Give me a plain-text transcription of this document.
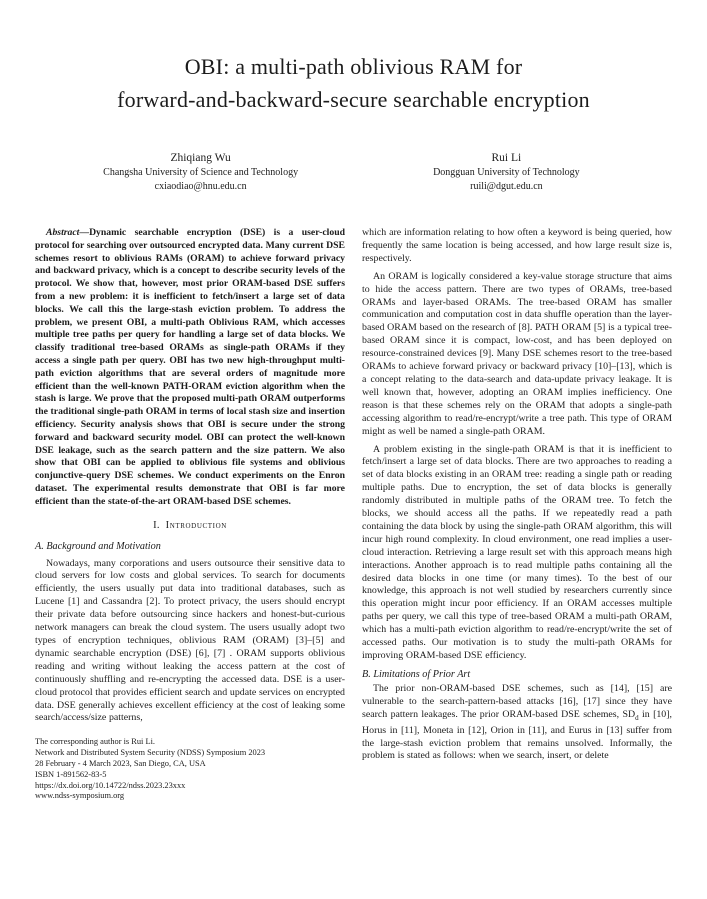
OBI: a multi-path oblivious RAM for
forward-and-backward-secure searchable encryption
Zhiqiang Wu
Changsha University of Science and Technology
cxiaodiao@hnu.edu.cn
Rui Li
Dongguan University of Technology
ruili@dgut.edu.cn

Abstract—Dynamic searchable encryption (DSE) is a user-cloud protocol for searching over outsourced encrypted data. Many current DSE schemes resort to oblivious RAMs (ORAM) to achieve forward privacy and backward privacy, which is a concept to describe security levels of the protocol. We show that, however, most prior ORAM-based DSE suffers from a new problem: it is inefficient to fetch/insert a large set of data blocks. We call this the large-stash eviction problem. To address the problem, we present OBI, a multi-path Oblivious RAM, which accesses multiple tree paths per query for handling a large set of data blocks. We classify traditional tree-based ORAMs as single-path ORAMs if they access a single path per query. OBI has two new high-throughput multi-path eviction algorithms that are several orders of magnitude more efficient than the well-known PATH-ORAM eviction algorithm when the stash is large. We prove that the proposed multi-path ORAM outperforms the traditional single-path ORAM in terms of local stash size and insertion efficiency. Security analysis shows that OBI is secure under the strong forward and backward security model. OBI can protect the well-known DSE leakage, such as the search pattern and the size pattern. We also show that OBI can be applied to oblivious file systems and oblivious conjunctive-query DSE schemes. We conduct experiments on the Enron dataset. The experimental results demonstrate that OBI is far more efficient than the state-of-the-art ORAM-based DSE schemes.

I. Introduction
A. Background and Motivation

Nowadays, many corporations and users outsource their sensitive data to cloud servers for low costs and global services. To search for documents efficiently, the users usually put data into traditional databases, such as Lucene [1] and Cassandra [2]. To protect privacy, the users should encrypt their private data before outsourcing since hackers and honest-but-curious network managers can break the cloud system. The users usually adopt two types of encryption techniques, oblivious RAM (ORAM) [3]–[5] and dynamic searchable encryption (DSE) [6], [7] . ORAM supports oblivious reading and writing without leaking the access pattern at the cost of continuously shuffling and re-encrypting the accessed data. DSE is a user-cloud protocol that provides efficient search and update services on encrypted data. DSE generally achieves excellent efficiency at the cost of leaking some search/access/size patterns,

The corresponding author is Rui Li.
Network and Distributed System Security (NDSS) Symposium 2023
28 February - 4 March 2023, San Diego, CA, USA
ISBN 1-891562-83-5
https://dx.doi.org/10.14722/ndss.2023.23xxx
www.ndss-symposium.org

which are information relating to how often a keyword is being queried, how frequently the same location is being accessed, and how large result size is, respectively.

An ORAM is logically considered a key-value storage structure that aims to hide the access pattern. There are two types of ORAMs, tree-based ORAMs and layer-based ORAMs. The tree-based ORAM has smaller communication and computation cost in data shuffle operation than the layer-based ORAM based on the research of [8]. PATH ORAM [5] is a typical tree-based ORAM since it is compact, low-cost, and has been deployed on resource-constrained devices [9]. Many DSE schemes resort to the tree-based ORAMs to achieve forward privacy or backward privacy [10]–[13], which is a concept relating to the data-search and data-update privacy leakage. It is well known that, however, adopting an ORAM implies inefficiency. One reason is that these schemes rely on the ORAM that adopts a single-path accessing algorithm to read/re-encrypt/write a tree path. This type of ORAM might as well be named a single-path ORAM.

A problem existing in the single-path ORAM is that it is inefficient to fetch/insert a large set of data blocks. There are two approaches to reading a set of data blocks existing in an ORAM tree: reading a single path or reading multiple paths. Due to encryption, the set of data blocks is generally randomly distributed in multiple paths of the ORAM tree. To fetch the blocks, we should access all the paths. If we repeatedly read a path containing the data block by using the single-path ORAM algorithm, this will incur high round complexity. In cloud environment, one read implies a user-cloud interaction. Retrieving a large result set with this approach means high interactions. Another approach is to read multiple paths containing all the desired data blocks in one time (or many times). To the best of our knowledge, this approach is not well studied by researchers currently since this operation might incur poor efficiency. If an ORAM accesses multiple paths per query, we call this type of tree-based ORAM a multi-path ORAM, which has a multi-path eviction algorithm to read/re-encrypt/write the set of accessed paths. Our motivation is to study the multi-path ORAMs for improving ORAM-based DSE efficiency.

B. Limitations of Prior Art

The prior non-ORAM-based DSE schemes, such as [14], [15] are vulnerable to the search-pattern-based attacks [16], [17] since they have search pattern leakages. The prior ORAM-based DSE schemes, $SD_d$ in [10], Horus in [11], Moneta in [12], Orion in [11], and Eurus in [13] suffer from the large-stash eviction problem that remains unsolved. Informally, the problem is stated as follows: when we search, insert, or delete
